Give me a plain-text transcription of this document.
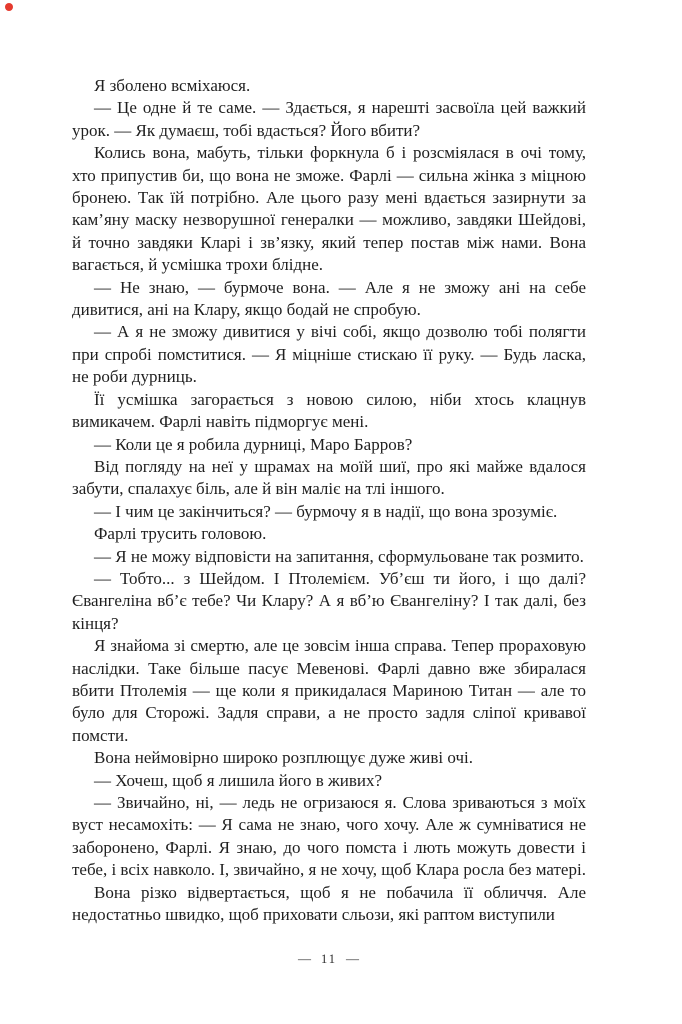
Я зболено всміхаюся.

— Це одне й те саме. — Здається, я нарешті засвоїла цей важкий урок. — Як думаєш, тобі вдасться? Його вбити?

Колись вона, мабуть, тільки форкнула б і розсміялася в очі тому, хто припустив би, що вона не зможе. Фарлі — сильна жінка з міцною бронею. Так їй потрібно. Але цього разу мені вдається зазирнути за кам’яну маску незворушної генералки — можливо, завдяки Шейдові, й точно завдяки Кларі і зв’язку, який тепер постав між нами. Вона вагається, й усмішка трохи блідне.

— Не знаю, — бурмоче вона. — Але я не зможу ані на себе дивитися, ані на Клару, якщо бодай не спробую.

— А я не зможу дивитися у вічі собі, якщо дозволю тобі полягти при спробі помститися. — Я міцніше стискаю її руку. — Будь ласка, не роби дурниць.

Її усмішка загорається з новою силою, ніби хтось клацнув вимикачем. Фарлі навіть підморгує мені.

— Коли це я робила дурниці, Маро Барров?

Від погляду на неї у шрамах на моїй шиї, про які майже вдалося забути, спалахує біль, але й він маліє на тлі іншого.

— І чим це закінчиться? — бурмочу я в надії, що вона зрозуміє.

Фарлі трусить головою.

— Я не можу відповісти на запитання, сформульоване так розмито.

— Тобто... з Шейдом. І Птолемієм. Уб’єш ти його, і що далі? Євангеліна вб’є тебе? Чи Клару? А я вб’ю Євангеліну? І так далі, без кінця?

Я знайома зі смертю, але це зовсім інша справа. Тепер прораховую наслідки. Таке більше пасує Мевенові. Фарлі давно вже збиралася вбити Птолемія — ще коли я прикидалася Мариною Титан — але то було для Сторожі. Задля справи, а не просто задля сліпої кривавої помсти.

Вона неймовірно широко розплющує дуже живі очі.

— Хочеш, щоб я лишила його в живих?

— Звичайно, ні, — ледь не огризаюся я. Слова зриваються з моїх вуст несамохіть: — Я сама не знаю, чого хочу. Але ж сумніватися не заборонено, Фарлі. Я знаю, до чого помста і лють можуть довести і тебе, і всіх навколо. І, звичайно, я не хочу, щоб Клара росла без матері.

Вона різко відвертається, щоб я не побачила її обличчя. Але недостатньо швидко, щоб приховати сльози, які раптом виступили

— 11 —
